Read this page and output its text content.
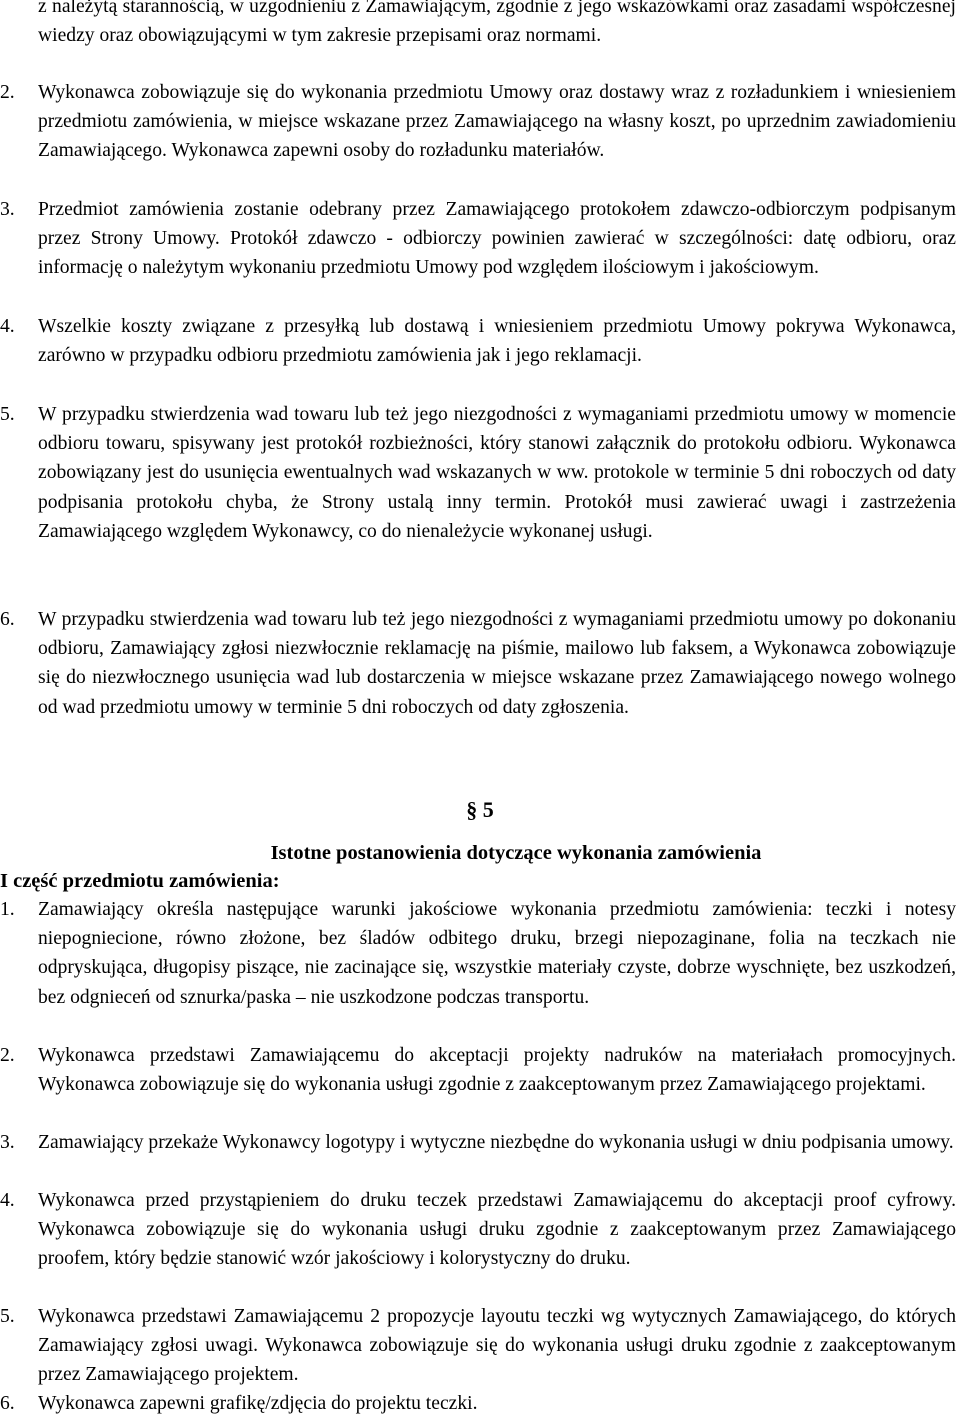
z należytą starannością, w uzgodnieniu z Zamawiającym, zgodnie z jego wskazówkami oraz zasadami współczesnej wiedzy oraz obowiązującymi w tym zakresie przepisami oraz normami.

2.	Wykonawca zobowiązuje się do wykonania przedmiotu Umowy oraz dostawy wraz z rozładunkiem i wniesieniem przedmiotu zamówienia, w miejsce wskazane przez Zamawiającego na własny koszt, po uprzednim zawiadomieniu Zamawiającego. Wykonawca zapewni osoby do rozładunku materiałów.
3.	Przedmiot zamówienia zostanie odebrany przez Zamawiającego protokołem zdawczo-odbiorczym podpisanym przez Strony Umowy. Protokół zdawczo - odbiorczy powinien zawierać w szczególności: datę odbioru, oraz informację o należytym wykonaniu przedmiotu Umowy pod względem ilościowym i jakościowym.
4.	Wszelkie koszty związane z przesyłką lub dostawą i wniesieniem przedmiotu Umowy pokrywa Wykonawca, zarówno w przypadku odbioru przedmiotu zamówienia jak i jego reklamacji.
5.	W przypadku stwierdzenia wad towaru lub też jego niezgodności z wymaganiami przedmiotu umowy w momencie odbioru towaru, spisywany jest protokół rozbieżności, który stanowi załącznik do protokołu odbioru. Wykonawca zobowiązany jest do usunięcia ewentualnych wad wskazanych w ww. protokole w terminie 5 dni roboczych od daty podpisania protokołu chyba, że Strony ustalą inny termin. Protokół musi zawierać uwagi i zastrzeżenia Zamawiającego względem Wykonawcy, co do nienależycie wykonanej usługi.
6.	W przypadku stwierdzenia wad towaru lub też jego niezgodności z wymaganiami przedmiotu umowy po dokonaniu odbioru, Zamawiający zgłosi niezwłocznie reklamację na piśmie, mailowo lub faksem, a Wykonawca zobowiązuje się do niezwłocznego usunięcia wad lub dostarczenia w miejsce wskazane przez Zamawiającego nowego wolnego od wad przedmiotu umowy w terminie 5 dni roboczych od daty zgłoszenia.
§ 5
Istotne postanowienia dotyczące wykonania zamówienia
I część przedmiotu zamówienia:
1.	Zamawiający określa następujące warunki jakościowe wykonania przedmiotu zamówienia: teczki i notesy niepogniecione, równo złożone, bez śladów odbitego druku, brzegi niepozaginane, folia na teczkach nie odpryskująca, długopisy piszące, nie zacinające się, wszystkie materiały czyste, dobrze wyschnięte, bez uszkodzeń, bez odgnieceń od sznurka/paska – nie uszkodzone podczas transportu.
2.	Wykonawca przedstawi Zamawiającemu do akceptacji projekty nadruków na materiałach promocyjnych. Wykonawca zobowiązuje się do wykonania usługi zgodnie z zaakceptowanym przez Zamawiającego projektami.
3.	Zamawiający przekaże Wykonawcy logotypy i wytyczne niezbędne do wykonania usługi w dniu podpisania umowy.
4.	Wykonawca przed przystąpieniem do druku teczek przedstawi Zamawiającemu do akceptacji proof cyfrowy. Wykonawca zobowiązuje się do wykonania usługi druku zgodnie z zaakceptowanym przez Zamawiającego proofem, który będzie stanowić wzór jakościowy i kolorystyczny do druku.
5.	Wykonawca przedstawi Zamawiającemu 2 propozycje layoutu teczki wg wytycznych Zamawiającego, do których Zamawiający zgłosi uwagi. Wykonawca zobowiązuje się do wykonania usługi druku zgodnie z zaakceptowanym przez Zamawiającego projektem.
6.	Wykonawca zapewni grafikę/zdjęcia do projektu teczki.
